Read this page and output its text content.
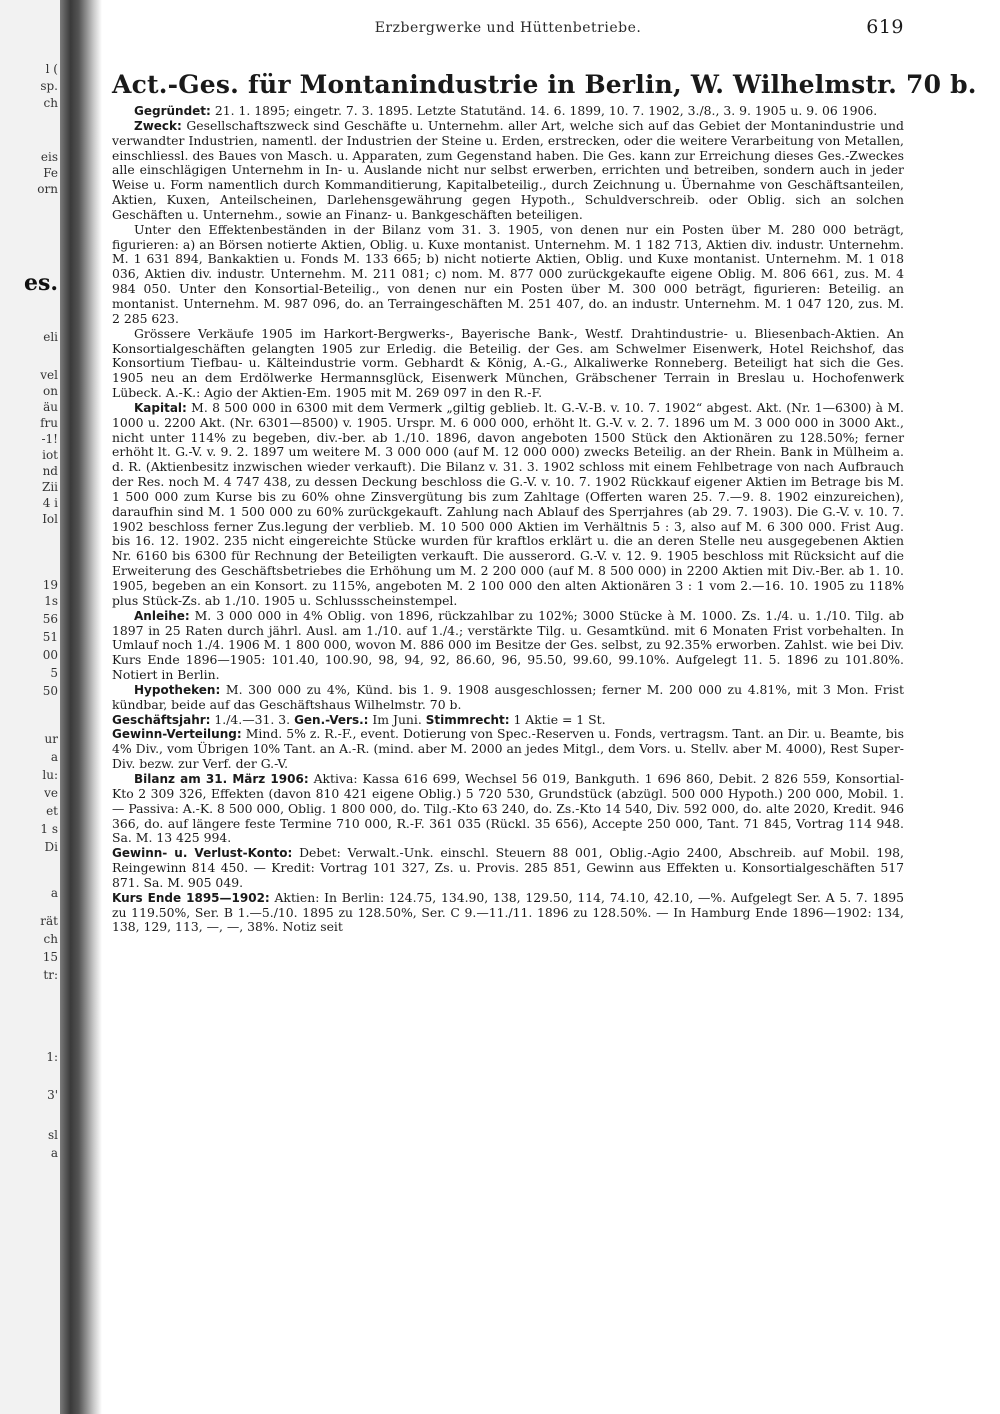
l (
sp.
ch
eis
Fe
orn
es.
eli
vel
on
äu
fru
-1!
iot
nd
Zii
4 i
Iol
19
1s
56
51
00
5
50
ur
a
lu:
ve
et
1 s
Di
a
rät
ch
15
tr:
1:
3'
sl
a
Erzbergwerke und Hüttenbetriebe.	619
Act.-Ges. für Montanindustrie in Berlin, W. Wilhelmstr. 70 b.

Gegründet: 21. 1. 1895; eingetr. 7. 3. 1895. Letzte Statutänd. 14. 6. 1899, 10. 7. 1902, 3./8., 3. 9. 1905 u. 9. 06 1906.

Zweck: Gesellschaftszweck sind Geschäfte u. Unternehm. aller Art, welche sich auf das Gebiet der Montanindustrie und verwandter Industrien, namentl. der Industrien der Steine u. Erden, erstrecken, oder die weitere Verarbeitung von Metallen, einschliessl. des Baues von Masch. u. Apparaten, zum Gegenstand haben. Die Ges. kann zur Erreichung dieses Ges.-Zweckes alle einschlägigen Unternehm in In- u. Auslande nicht nur selbst erwerben, errichten und betreiben, sondern auch in jeder Weise u. Form namentlich durch Kommanditierung, Kapitalbeteilig., durch Zeichnung u. Übernahme von Geschäftsanteilen, Aktien, Kuxen, Anteilscheinen, Darlehensgewährung gegen Hypoth., Schuldverschreib. oder Oblig. sich an solchen Geschäften u. Unternehm., sowie an Finanz- u. Bankgeschäften beteiligen.

Unter den Effektenbeständen in der Bilanz vom 31. 3. 1905, von denen nur ein Posten über M. 280 000 beträgt, figurieren: a) an Börsen notierte Aktien, Oblig. u. Kuxe montanist. Unternehm. M. 1 182 713, Aktien div. industr. Unternehm. M. 1 631 894, Bankaktien u. Fonds M. 133 665; b) nicht notierte Aktien, Oblig. und Kuxe montanist. Unternehm. M. 1 018 036, Aktien div. industr. Unternehm. M. 211 081; c) nom. M. 877 000 zurückgekaufte eigene Oblig. M. 806 661, zus. M. 4 984 050. Unter den Konsortial-Beteilig., von denen nur ein Posten über M. 300 000 beträgt, figurieren: Beteilig. an montanist. Unternehm. M. 987 096, do. an Terraingeschäften M. 251 407, do. an industr. Unternehm. M. 1 047 120, zus. M. 2 285 623.

Grössere Verkäufe 1905 im Harkort-Bergwerks-, Bayerische Bank-, Westf. Drahtindustrie- u. Bliesenbach-Aktien. An Konsortialgeschäften gelangten 1905 zur Erledig. die Beteilig. der Ges. am Schwelmer Eisenwerk, Hotel Reichshof, das Konsortium Tiefbau- u. Kälteindustrie vorm. Gebhardt & König, A.-G., Alkaliwerke Ronneberg. Beteiligt hat sich die Ges. 1905 neu an dem Erdölwerke Hermannsglück, Eisenwerk München, Gräbschener Terrain in Breslau u. Hochofenwerk Lübeck. A.-K.: Agio der Aktien-Em. 1905 mit M. 269 097 in den R.-F.

Kapital: M. 8 500 000 in 6300 mit dem Vermerk „giltig geblieb. lt. G.-V.-B. v. 10. 7. 1902“ abgest. Akt. (Nr. 1—6300) à M. 1000 u. 2200 Akt. (Nr. 6301—8500) v. 1905. Urspr. M. 6 000 000, erhöht lt. G.-V. v. 2. 7. 1896 um M. 3 000 000 in 3000 Akt., nicht unter 114% zu begeben, div.-ber. ab 1./10. 1896, davon angeboten 1500 Stück den Aktionären zu 128.50%; ferner erhöht lt. G.-V. v. 9. 2. 1897 um weitere M. 3 000 000 (auf M. 12 000 000) zwecks Beteilig. an der Rhein. Bank in Mülheim a. d. R. (Aktienbesitz inzwischen wieder verkauft). Die Bilanz v. 31. 3. 1902 schloss mit einem Fehlbetrage von nach Aufbrauch der Res. noch M. 4 747 438, zu dessen Deckung beschloss die G.-V. v. 10. 7. 1902 Rückkauf eigener Aktien im Betrage bis M. 1 500 000 zum Kurse bis zu 60% ohne Zinsvergütung bis zum Zahltage (Offerten waren 25. 7.—9. 8. 1902 einzureichen), daraufhin sind M. 1 500 000 zu 60% zurückgekauft. Zahlung nach Ablauf des Sperrjahres (ab 29. 7. 1903). Die G.-V. v. 10. 7. 1902 beschloss ferner Zus.legung der verblieb. M. 10 500 000 Aktien im Verhältnis 5 : 3, also auf M. 6 300 000. Frist Aug. bis 16. 12. 1902. 235 nicht eingereichte Stücke wurden für kraftlos erklärt u. die an deren Stelle neu ausgegebenen Aktien Nr. 6160 bis 6300 für Rechnung der Beteiligten verkauft. Die ausserord. G.-V. v. 12. 9. 1905 beschloss mit Rücksicht auf die Erweiterung des Geschäftsbetriebes die Erhöhung um M. 2 200 000 (auf M. 8 500 000) in 2200 Aktien mit Div.-Ber. ab 1. 10. 1905, begeben an ein Konsort. zu 115%, angeboten M. 2 100 000 den alten Aktionären 3 : 1 vom 2.—16. 10. 1905 zu 118% plus Stück-Zs. ab 1./10. 1905 u. Schlussscheinstempel.

Anleihe: M. 3 000 000 in 4% Oblig. von 1896, rückzahlbar zu 102%; 3000 Stücke à M. 1000. Zs. 1./4. u. 1./10. Tilg. ab 1897 in 25 Raten durch jährl. Ausl. am 1./10. auf 1./4.; verstärkte Tilg. u. Gesamtkünd. mit 6 Monaten Frist vorbehalten. In Umlauf noch 1./4. 1906 M. 1 800 000, wovon M. 886 000 im Besitze der Ges. selbst, zu 92.35% erworben. Zahlst. wie bei Div. Kurs Ende 1896—1905: 101.40, 100.90, 98, 94, 92, 86.60, 96, 95.50, 99.60, 99.10%. Aufgelegt 11. 5. 1896 zu 101.80%. Notiert in Berlin.

Hypotheken: M. 300 000 zu 4%, Künd. bis 1. 9. 1908 ausgeschlossen; ferner M. 200 000 zu 4.81%, mit 3 Mon. Frist kündbar, beide auf das Geschäftshaus Wilhelmstr. 70 b.

Geschäftsjahr: 1./4.—31. 3. Gen.-Vers.: Im Juni. Stimmrecht: 1 Aktie = 1 St.

Gewinn-Verteilung: Mind. 5% z. R.-F., event. Dotierung von Spec.-Reserven u. Fonds, vertragsm. Tant. an Dir. u. Beamte, bis 4% Div., vom Übrigen 10% Tant. an A.-R. (mind. aber M. 2000 an jedes Mitgl., dem Vors. u. Stellv. aber M. 4000), Rest Super-Div. bezw. zur Verf. der G.-V.

Bilanz am 31. März 1906: Aktiva: Kassa 616 699, Wechsel 56 019, Bankguth. 1 696 860, Debit. 2 826 559, Konsortial-Kto 2 309 326, Effekten (davon 810 421 eigene Oblig.) 5 720 530, Grundstück (abzügl. 500 000 Hypoth.) 200 000, Mobil. 1. — Passiva: A.-K. 8 500 000, Oblig. 1 800 000, do. Tilg.-Kto 63 240, do. Zs.-Kto 14 540, Div. 592 000, do. alte 2020, Kredit. 946 366, do. auf längere feste Termine 710 000, R.-F. 361 035 (Rückl. 35 656), Accepte 250 000, Tant. 71 845, Vortrag 114 948. Sa. M. 13 425 994.

Gewinn- u. Verlust-Konto: Debet: Verwalt.-Unk. einschl. Steuern 88 001, Oblig.-Agio 2400, Abschreib. auf Mobil. 198, Reingewinn 814 450. — Kredit: Vortrag 101 327, Zs. u. Provis. 285 851, Gewinn aus Effekten u. Konsortialgeschäften 517 871. Sa. M. 905 049.

Kurs Ende 1895—1902: Aktien: In Berlin: 124.75, 134.90, 138, 129.50, 114, 74.10, 42.10, —%. Aufgelegt Ser. A 5. 7. 1895 zu 119.50%, Ser. B 1.—5./10. 1895 zu 128.50%, Ser. C 9.—11./11. 1896 zu 128.50%. — In Hamburg Ende 1896—1902: 134, 138, 129, 113, —, —, 38%. Notiz seit
